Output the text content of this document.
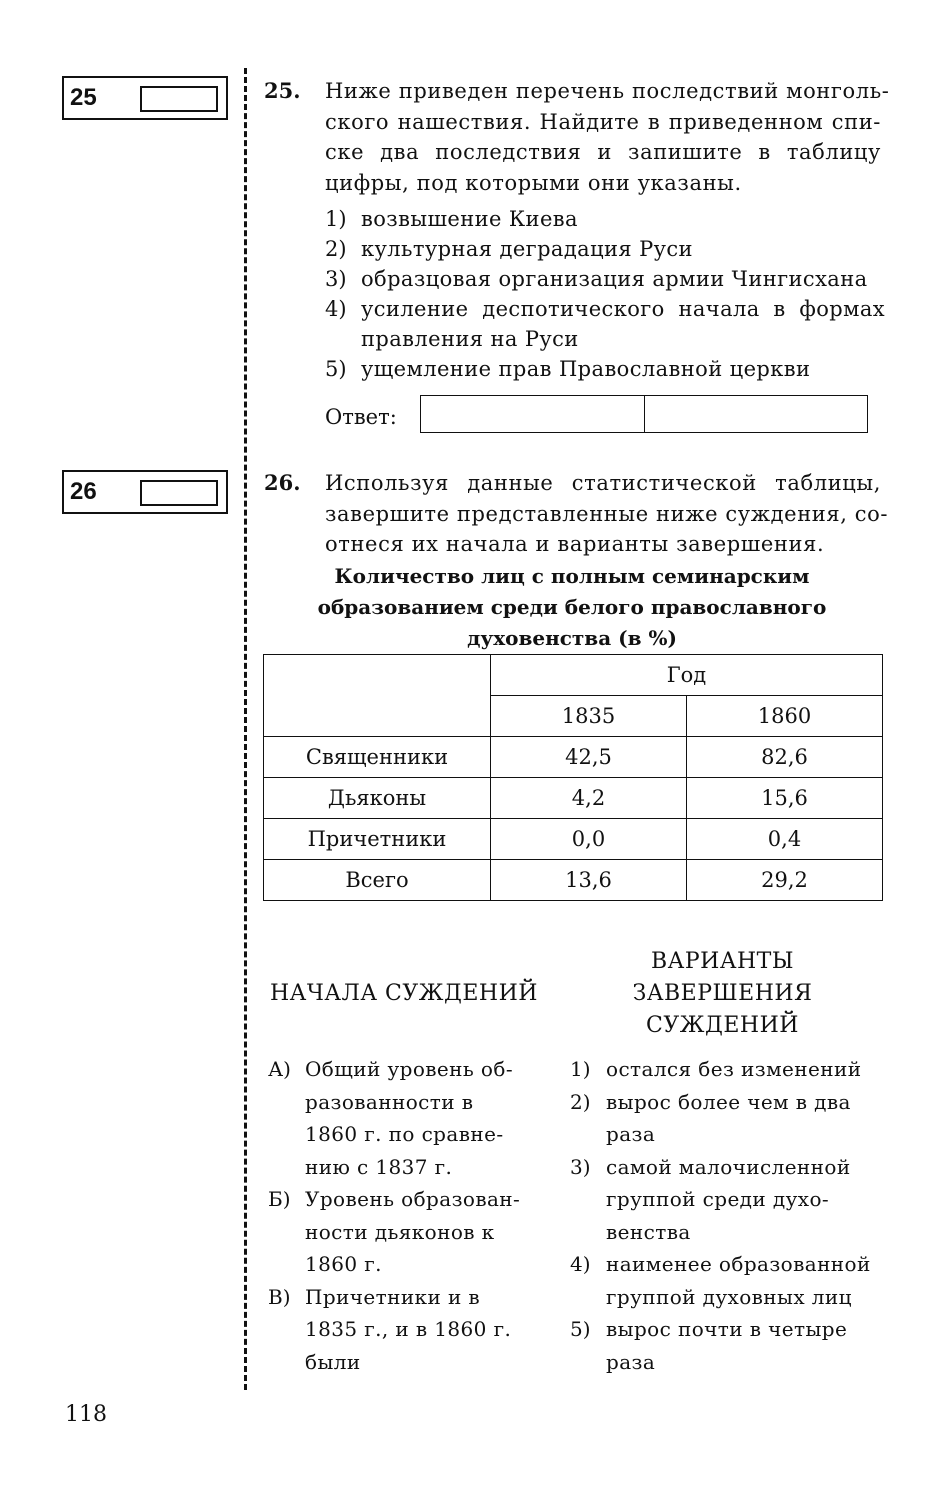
25
26
25. Ниже приведен перечень последствий монголь-
ского нашествия. Найдите в приведенном спи-
ске два последствия и запишите в таблицу
цифры, под которыми они указаны.
1) возвышение Киева
2) культурная деградация Руси
3) образцовая организация армии Чингисхана
4) усиление деспотического начала в формах
правления на Руси
5) ущемление прав Православной церкви
Ответ:
26. Используя данные статистической таблицы,
завершите представленные ниже суждения, со-
отнеся их начала и варианты завершения.
Количество лиц с полным семинарским
образованием среди белого православного
духовенства (в %)
	Год	
	1835	1860
Священники	42,5	82,6
Дьяконы	4,2	15,6
Причетники	0,0	0,4
Всего	13,6	29,2
НАЧАЛА СУЖДЕНИЙ
ВАРИАНТЫ
ЗАВЕРШЕНИЯ
СУЖДЕНИЙ
А) Общий уровень об-
разованности в
1860 г. по сравне-
нию с 1837 г.
Б) Уровень образован-
ности дьяконов к
1860 г.
В) Причетники и в
1835 г., и в 1860 г.
были
1) остался без изменений
2) вырос более чем в два
раза
3) самой малочисленной
группой среди духо-
венства
4) наименее образованной
группой духовных лиц
5) вырос почти в четыре
раза
118
